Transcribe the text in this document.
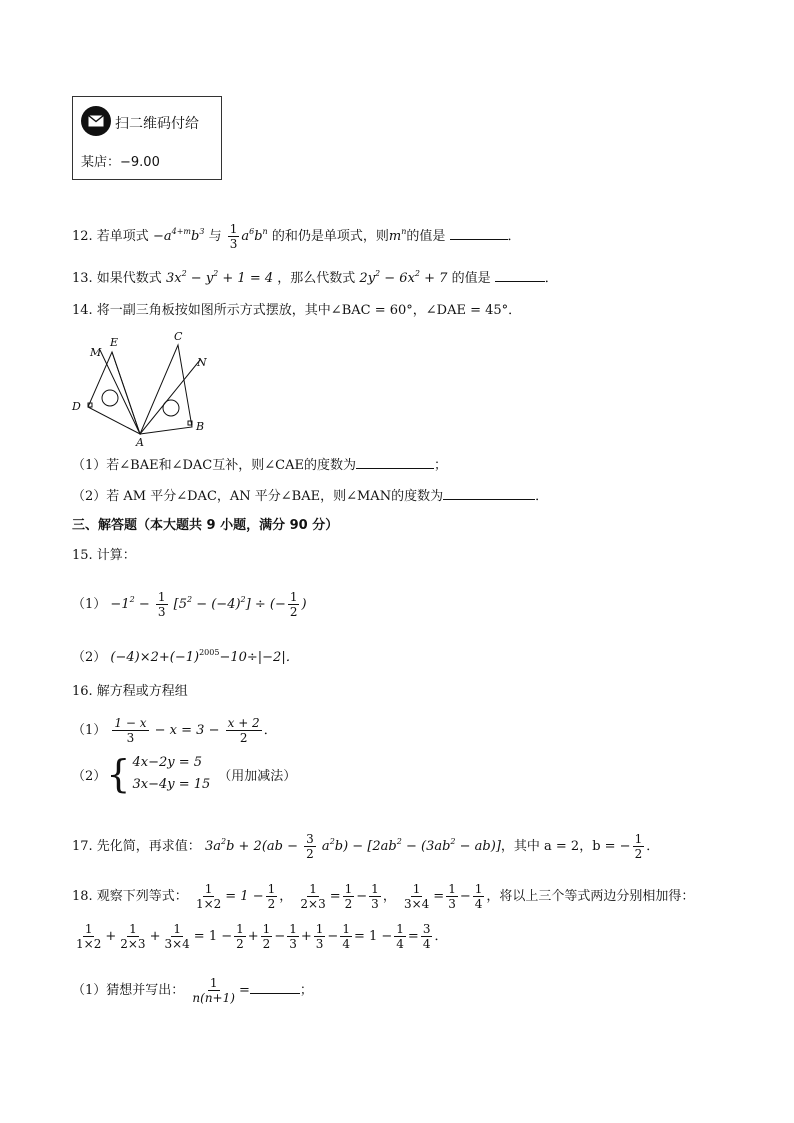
扫二维码付给
某店：−9.00
12. 若单项式 $-a^{4+m}b^3$ 与 $\frac{1}{3} a^6b^n$ 的和仍是单项式，则$m^n$的值是	．
13. 如果代数式 $3x^2 - y^2 + 1 = 4$ ，那么代数式 $2y^2 - 6x^2 + 7$ 的值是	．
14. 将一副三角板按如图所示方式摆放，其中∠BAC = 60°，∠DAE = 45°．
M
E	C
N
D
A
B
（1）若∠BAE和∠DAC互补，则∠CAE的度数为	；
（2）若 AM 平分∠DAC，AN 平分∠BAE，则∠MAN的度数为	．
三、解答题（本大题共 9 小题，满分 90 分）
15. 计算：
$(1) -1^2 - \frac{1}{3} [5^2 - (-4)^2]$ ÷ (− $\frac{1}{2}$ )
（2） $(-4)\times 2+(-1)^{2005}-10\div|-2|$．
16. 解方程或方程组
$(1) \frac{1 - x}{3} - x = 3 - \frac{x + 2}{2}$ ．
（2） { 4x−2y = 5
3x−4y = 15
（用加减法）
17. 先化简，再求值： $3a^2b + 2(ab - \frac{3}{2} a^2b) - [2ab^2 - (3ab^2 - ab)]$，其中 a = 2，b = − $\frac{1}{2}$ ．
18. 观察下列等式： $\frac{1}{1\times 2} = 1 - \frac{1}{2}$ ， $\frac{1}{2\times 3} = \frac{1}{2} - \frac{1}{3}$ ， $\frac{1}{3\times 4} = \frac{1}{3} - \frac{1}{4}$ ，将以上三个等式两边分别相加得：
$\frac{1}{1\times 2} + \frac{1}{2\times 3} + \frac{1}{3\times 4} = 1 - \frac{1}{2} + \frac{1}{2} - \frac{1}{3} + \frac{1}{3} - \frac{1}{4} = 1 - \frac{1}{4} = \frac{3}{4}$ ．
（1）猜想并写出： $\frac{1}{n(n+1)}$ =	；
